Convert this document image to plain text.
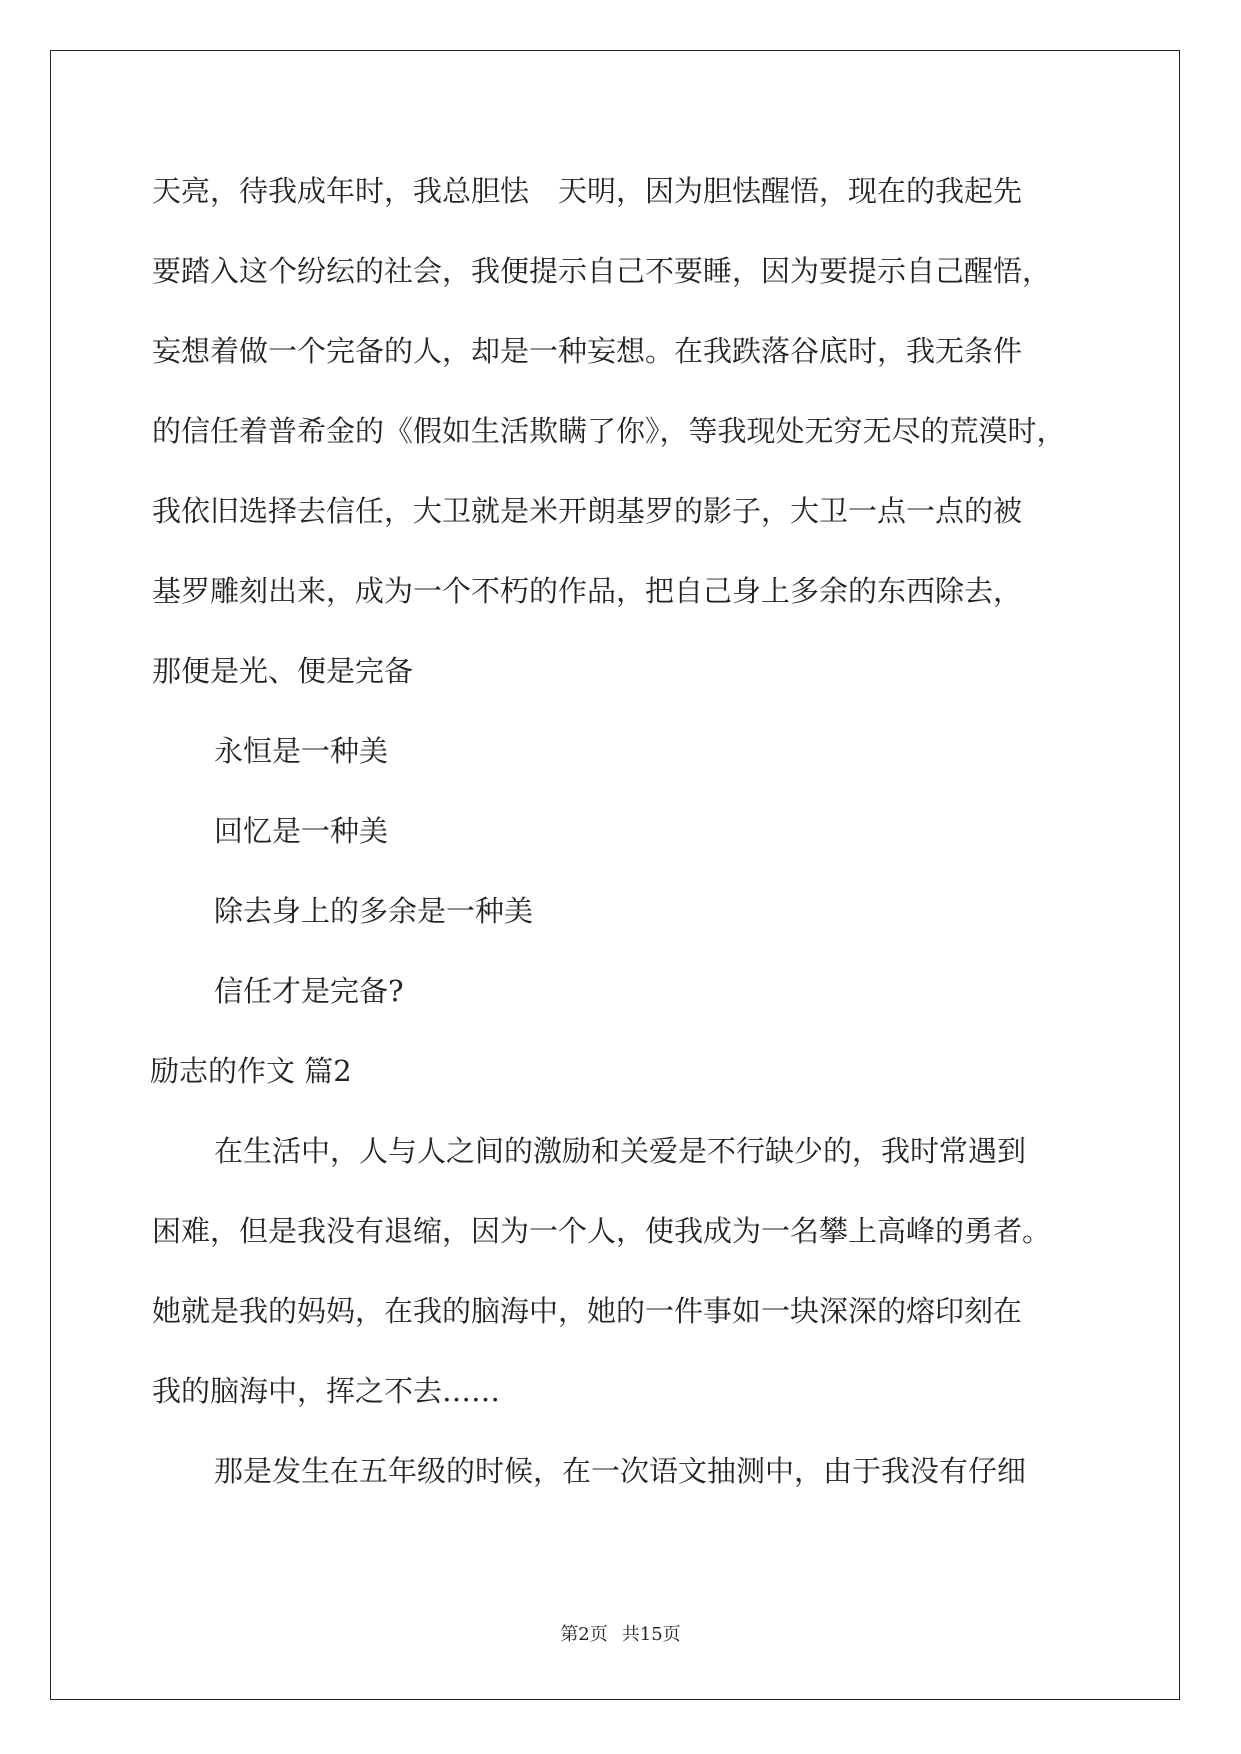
天亮，待我成年时，我总胆怯　天明，因为胆怯醒悟，现在的我起先
要踏入这个纷纭的社会，我便提示自己不要睡，因为要提示自己醒悟，
妄想着做一个完备的人，却是一种妄想。在我跌落谷底时，我无条件
的信任着普希金的《假如生活欺瞒了你》，等我现处无穷无尽的荒漠时，
我依旧选择去信任，大卫就是米开朗基罗的影子，大卫一点一点的被
基罗雕刻出来，成为一个不朽的作品，把自己身上多余的东西除去，
那便是光、便是完备
永恒是一种美
回忆是一种美
除去身上的多余是一种美
信任才是完备?
励志的作文 篇2
在生活中，人与人之间的激励和关爱是不行缺少的，我时常遇到
困难，但是我没有退缩，因为一个人，使我成为一名攀上高峰的勇者。
她就是我的妈妈，在我的脑海中，她的一件事如一块深深的熔印刻在
我的脑海中，挥之不去……
那是发生在五年级的时候，在一次语文抽测中，由于我没有仔细
第2页 共15页
